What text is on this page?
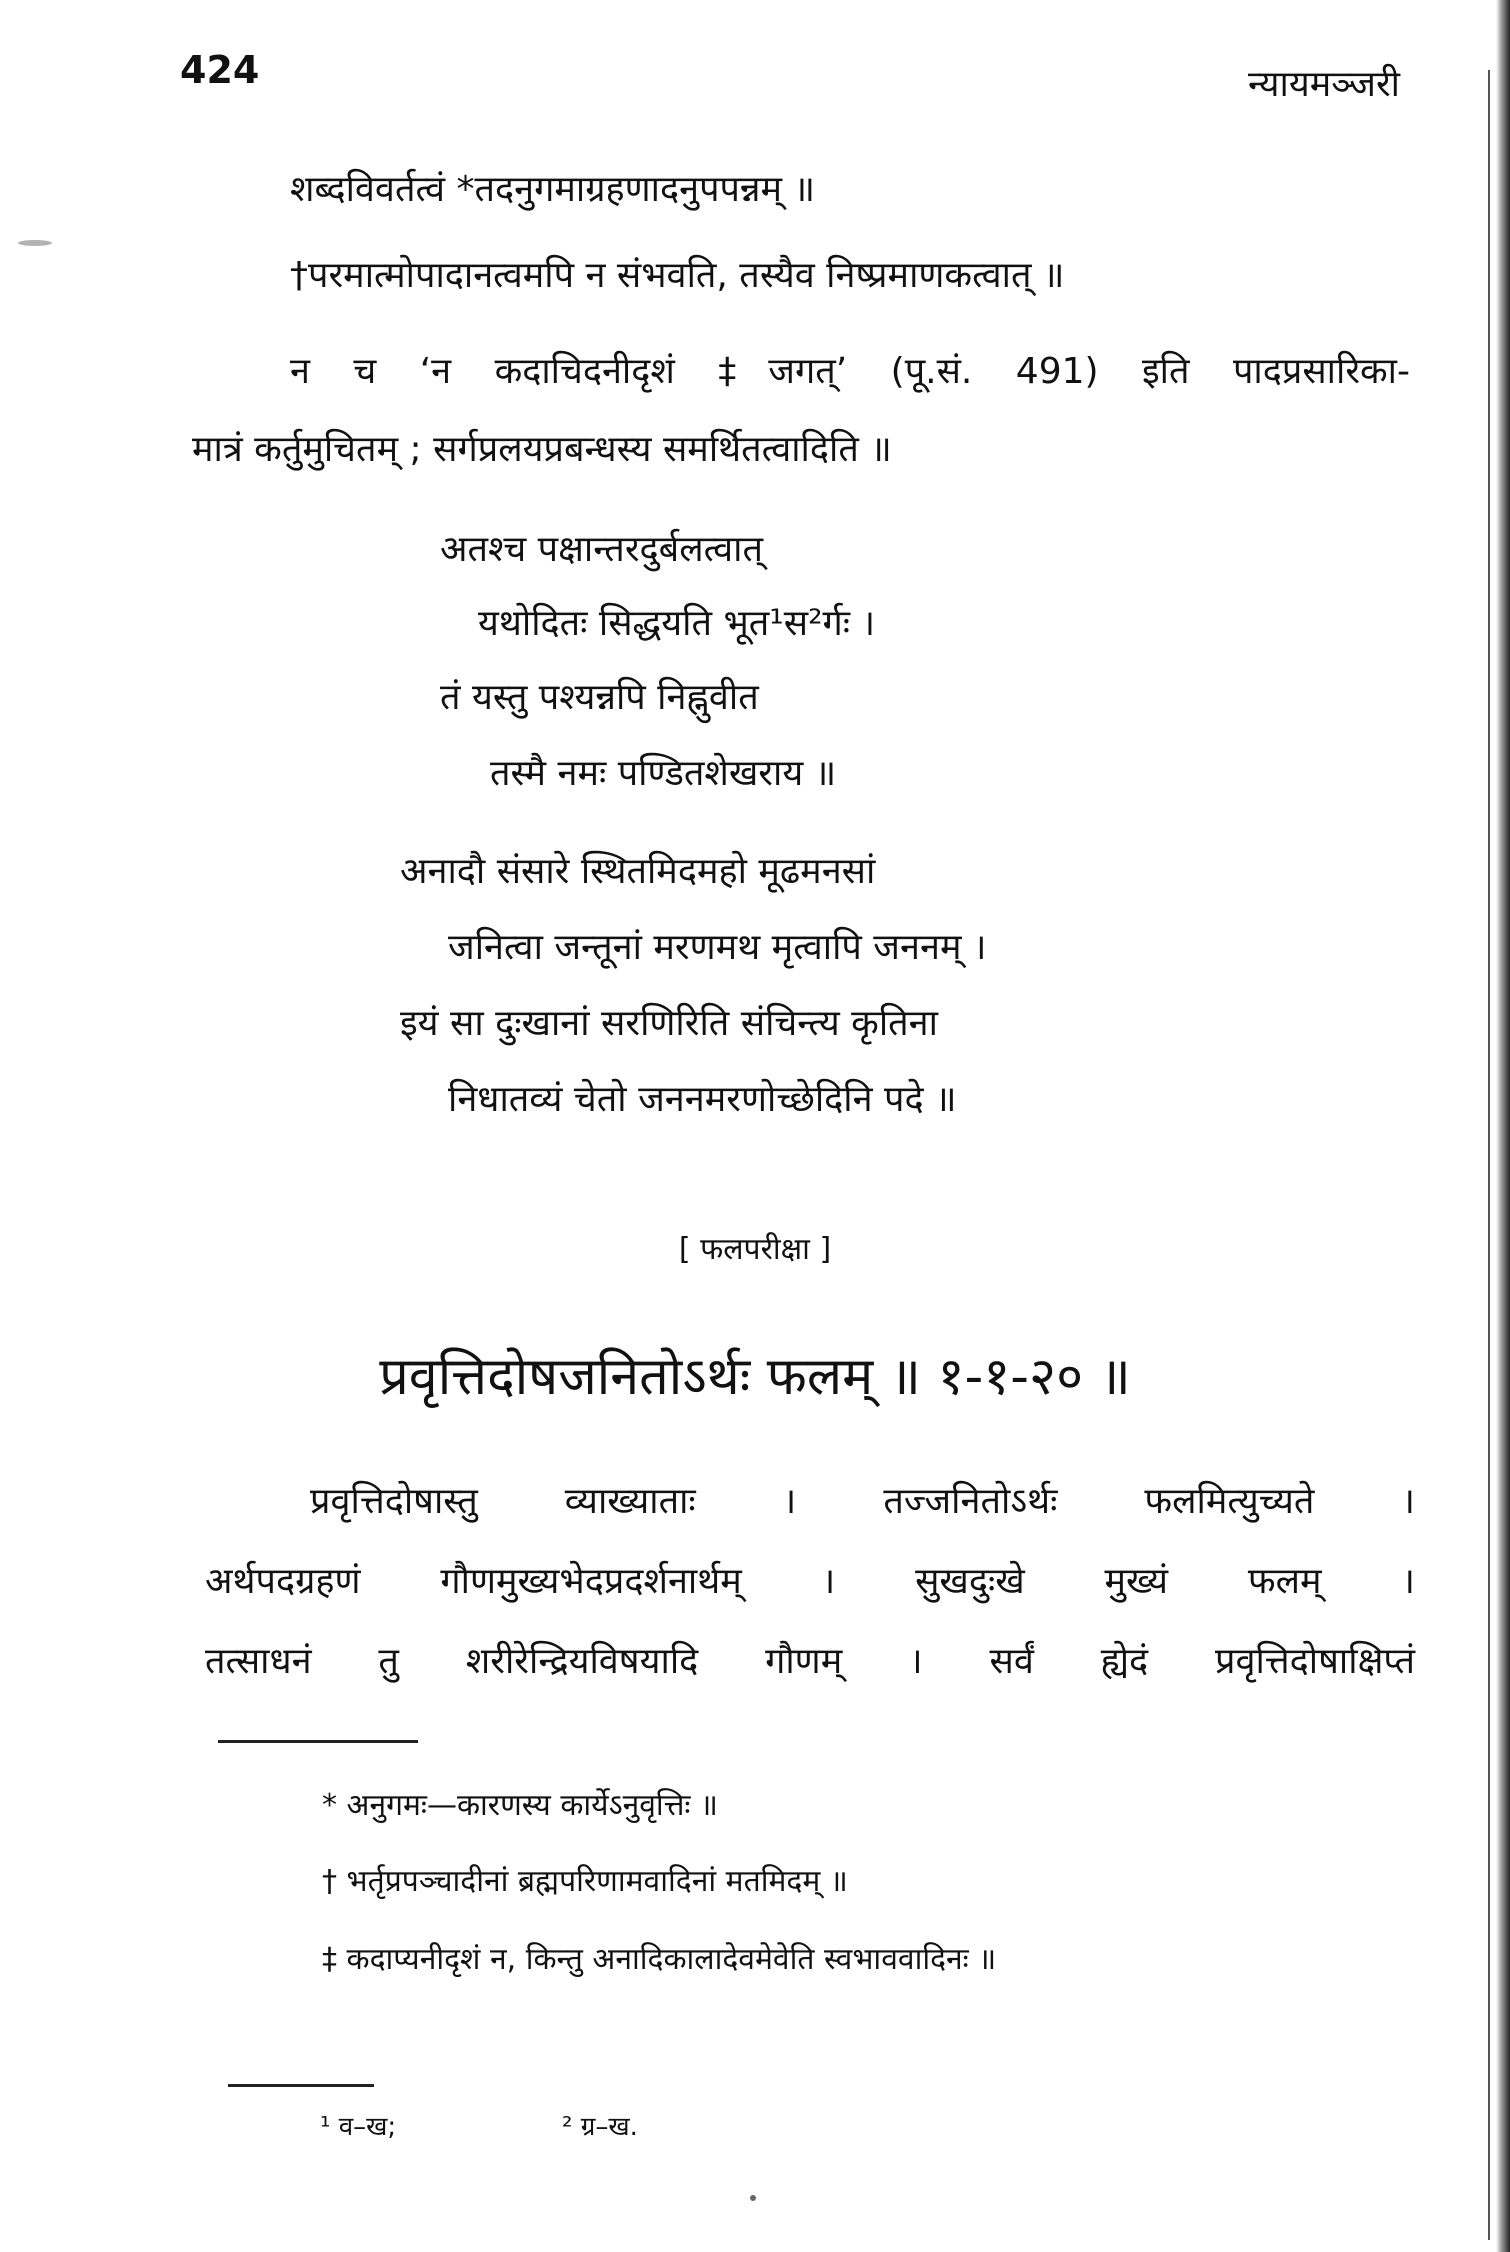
424	न्यायमञ्जरी
शब्दविवर्तत्वं *तदनुगमाग्रहणादनुपपन्नम् ॥
†परमात्मोपादानत्वमपि न संभवति, तस्यैव निष्प्रमाणकत्वात् ॥
न च ‘न कदाचिदनीदृशं ‡जगत्’ (पू.सं. 491) इति पादप्रसारिका-
मात्रं कर्तुमुचितम् ; सर्गप्रलयप्रबन्धस्य समर्थितत्वादिति ॥
अतश्च पक्षान्तरदुर्बलत्वात्
यथोदितः सिद्धयति भूत¹स²र्गः ।
तं यस्तु पश्यन्नपि निह्नुवीत
तस्मै नमः पण्डितशेखराय ॥
अनादौ संसारे स्थितमिदमहो मूढमनसां
जनित्वा जन्तूनां मरणमथ मृत्वापि जननम् ।
इयं सा दुःखानां सरणिरिति संचिन्त्य कृतिना
निधातव्यं चेतो जननमरणोच्छेदिनि पदे ॥
[ फलपरीक्षा ]
प्रवृत्तिदोषजनितोऽर्थः फलम् ॥ १-१-२० ॥
प्रवृत्तिदोषास्तु व्याख्याताः । तज्जनितोऽर्थः फलमित्युच्यते ।
अर्थपदग्रहणं गौणमुख्यभेदप्रदर्शनार्थम् । सुखदुःखे मुख्यं फलम् ।
तत्साधनं तु शरीरेन्द्रियविषयादि गौणम् । सर्वं ह्येदं प्रवृत्तिदोषाक्षिप्तं
* अनुगमः—कारणस्य कार्येऽनुवृत्तिः ॥
† भर्तृप्रपञ्चादीनां ब्रह्मपरिणामवादिनां मतमिदम् ॥
‡ कदाप्यनीदृशं न, किन्तु अनादिकालादेवमेवेति स्वभाववादिनः ॥
¹ व–ख;	² ग्र–ख.
